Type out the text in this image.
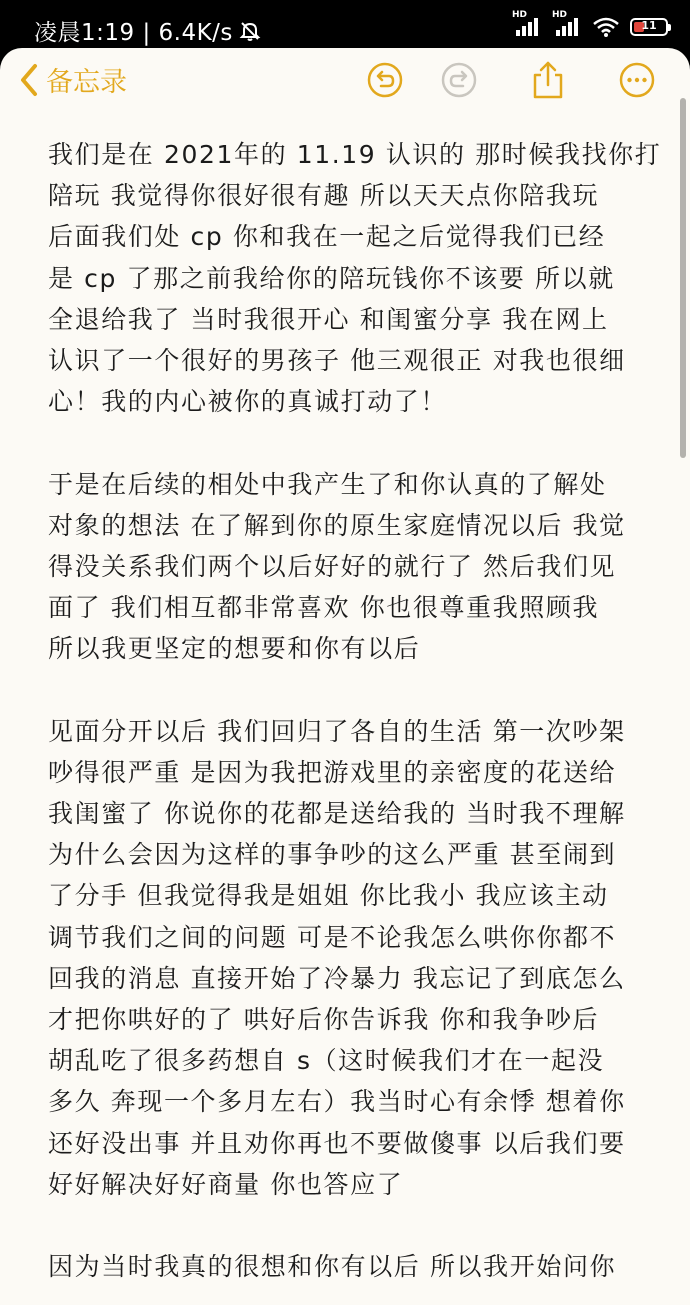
凌晨1:19 | 6.4K/s
HD	HD
11
备忘录
我们是在 2021年的 11.19 认识的 那时候我找你打
陪玩 我觉得你很好很有趣 所以天天点你陪我玩
后面我们处 cp 你和我在一起之后觉得我们已经
是 cp 了那之前我给你的陪玩钱你不该要 所以就
全退给我了 当时我很开心 和闺蜜分享 我在网上
认识了一个很好的男孩子 他三观很正 对我也很细
心！我的内心被你的真诚打动了！
于是在后续的相处中我产生了和你认真的了解处
对象的想法 在了解到你的原生家庭情况以后 我觉
得没关系我们两个以后好好的就行了 然后我们见
面了 我们相互都非常喜欢 你也很尊重我照顾我
所以我更坚定的想要和你有以后
见面分开以后 我们回归了各自的生活 第一次吵架
吵得很严重 是因为我把游戏里的亲密度的花送给
我闺蜜了 你说你的花都是送给我的 当时我不理解
为什么会因为这样的事争吵的这么严重 甚至闹到
了分手 但我觉得我是姐姐 你比我小 我应该主动
调节我们之间的问题 可是不论我怎么哄你你都不
回我的消息 直接开始了冷暴力 我忘记了到底怎么
才把你哄好的了 哄好后你告诉我 你和我争吵后
胡乱吃了很多药想自 s（这时候我们才在一起没
多久 奔现一个多月左右）我当时心有余悸 想着你
还好没出事 并且劝你再也不要做傻事 以后我们要
好好解决好好商量 你也答应了
因为当时我真的很想和你有以后 所以我开始问你
